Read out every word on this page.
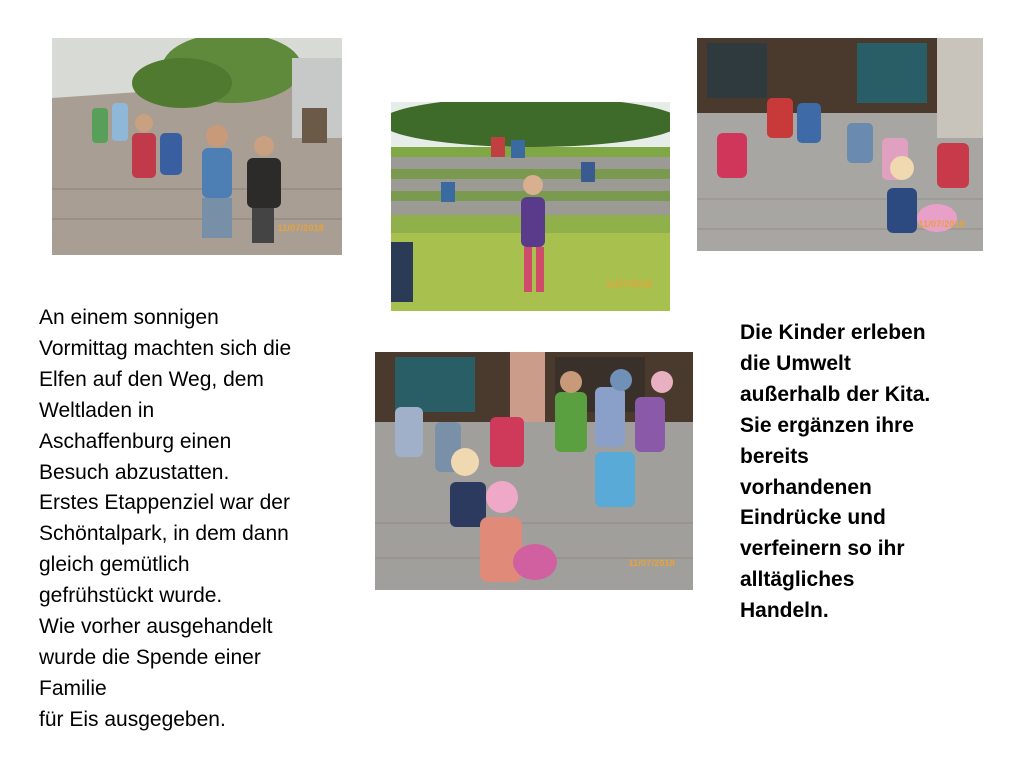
11/07/2018
11/07/2018
11/07/2018
11/07/2018

An einem sonnigen

Vormittag machten sich die

Elfen auf den Weg, dem

Weltladen in

Aschaffenburg einen

Besuch abzustatten.

Erstes Etappenziel war der

Schöntalpark, in dem dann

gleich gemütlich

gefrühstückt wurde.

Wie vorher ausgehandelt

wurde die Spende einer

Familie

für Eis ausgegeben.

Die Kinder erleben

die Umwelt

außerhalb der Kita.

Sie ergänzen ihre

bereits

vorhandenen

Eindrücke und

verfeinern so ihr

alltägliches

Handeln.
